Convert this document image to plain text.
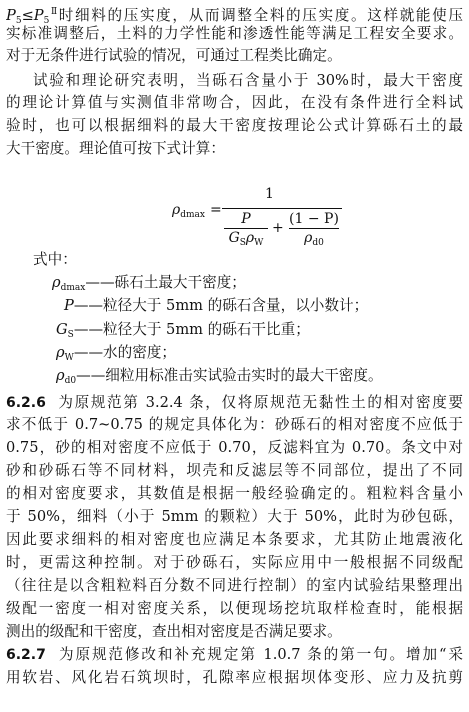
$P_5\le P_5^Ⅱ$时细料的压实度，从而调整全料的压实度。这样就能使压
实标准调整后，土料的力学性能和渗透性能等满足工程安全要求。
对于无条件进行试验的情况，可通过工程类比确定。
试验和理论研究表明，当砾石含量小于 30%时，最大干密度
的理论计算值与实测值非常吻合，因此，在没有条件进行全料试
验时，也可以根据细料的最大干密度按理论公式计算砾石土的最
大干密度。理论值可按下式计算：
$\rho_{dmax}$ =
1
P
$G_S\rho_W$
+
(1 − P)
$\rho_{d0}$
式中：
$\rho_{dmax}——$砾石土最大干密度；
P——粒径大于 5mm 的砾石含量，以小数计；
$G_S——$粒径大于 5mm 的砾石干比重；
$\rho_W——$水的密度；
$\rho_{d0}——$细粒用标准击实试验击实时的最大干密度。
6.2.6 为原规范第 3.2.4 条，仅将原规范无黏性土的相对密度要
求不低于 0.7~0.75 的规定具体化为：砂砾石的相对密度不应低于
0.75，砂的相对密度不应低于 0.70，反滤料宜为 0.70。条文中对
砂和砂砾石等不同材料，坝壳和反滤层等不同部位，提出了不同
的相对密度要求，其数值是根据一般经验确定的。粗粒料含量小
于 50%，细料（小于 5mm 的颗粒）大于 50%，此时为砂包砾，
因此要求细料的相对密度也应满足本条要求，尤其防止地震液化
时，更需这种控制。对于砂砾石，实际应用中一般根据不同级配
（往往是以含粗粒料百分数不同进行控制）的室内试验结果整理出
级配一密度一相对密度关系，以便现场挖坑取样检查时，能根据
测出的级配和干密度，查出相对密度是否满足要求。
6.2.7 为原规范修改和补充规定第 1.0.7 条的第一句。增加“采
用软岩、风化岩石筑坝时，孔隙率应根据坝体变形、应力及抗剪
